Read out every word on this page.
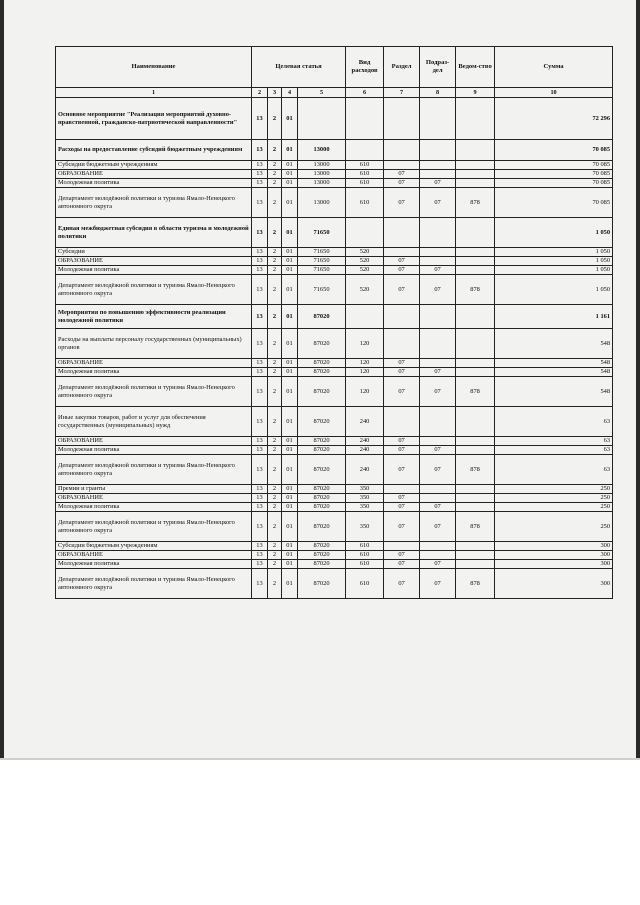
Наименование	Целевая статья				Вид расходов	Раздел	Подраз-дел	Ведом-ство	Сумма
1	2	3	4	5	6	7	8	9	10
Основное мероприятие "Реализация мероприятий духовно-нравственной, гражданско-патриотической направленности"	13	2	01						72 296
Расходы на предоставление субсидий бюджетным учреждениям	13	2	01	13000					70 085
Субсидии бюджетным учреждениям	13	2	01	13000	610				70 085
ОБРАЗОВАНИЕ	13	2	01	13000	610	07			70 085
Молодежная политика	13	2	01	13000	610	07	07		70 085
Департамент молодёжной политики и туризма Ямало-Ненецкого автономного округа	13	2	01	13000	610	07	07	878	70 085
Единая межбюджетная субсидия в области туризма и молодежной политики	13	2	01	71650					1 050
Субсидии	13	2	01	71650	520				1 050
ОБРАЗОВАНИЕ	13	2	01	71650	520	07			1 050
Молодежная политика	13	2	01	71650	520	07	07		1 050
Департамент молодёжной политики и туризма Ямало-Ненецкого автономного округа	13	2	01	71650	520	07	07	878	1 050
Мероприятия по повышению эффективности реализации молодежной политики	13	2	01	87020					1 161
Расходы на выплаты персоналу государственных (муниципальных) органов	13	2	01	87020	120				548
ОБРАЗОВАНИЕ	13	2	01	87020	120	07			548
Молодежная политика	13	2	01	87020	120	07	07		548
Департамент молодёжной политики и туризма Ямало-Ненецкого автономного округа	13	2	01	87020	120	07	07	878	548
Иные закупки товаров, работ и услуг для обеспечения государственных (муниципальных) нужд	13	2	01	87020	240				63
ОБРАЗОВАНИЕ	13	2	01	87020	240	07			63
Молодежная политика	13	2	01	87020	240	07	07		63
Департамент молодёжной политики и туризма Ямало-Ненецкого автономного округа	13	2	01	87020	240	07	07	878	63
Премии и гранты	13	2	01	87020	350				250
ОБРАЗОВАНИЕ	13	2	01	87020	350	07			250
Молодежная политика	13	2	01	87020	350	07	07		250
Департамент молодёжной политики и туризма Ямало-Ненецкого автономного округа	13	2	01	87020	350	07	07	878	250
Субсидии бюджетным учреждениям	13	2	01	87020	610				300
ОБРАЗОВАНИЕ	13	2	01	87020	610	07			300
Молодежная политика	13	2	01	87020	610	07	07		300
Департамент молодёжной политики и туризма Ямало-Ненецкого автономного округа	13	2	01	87020	610	07	07	878	300
